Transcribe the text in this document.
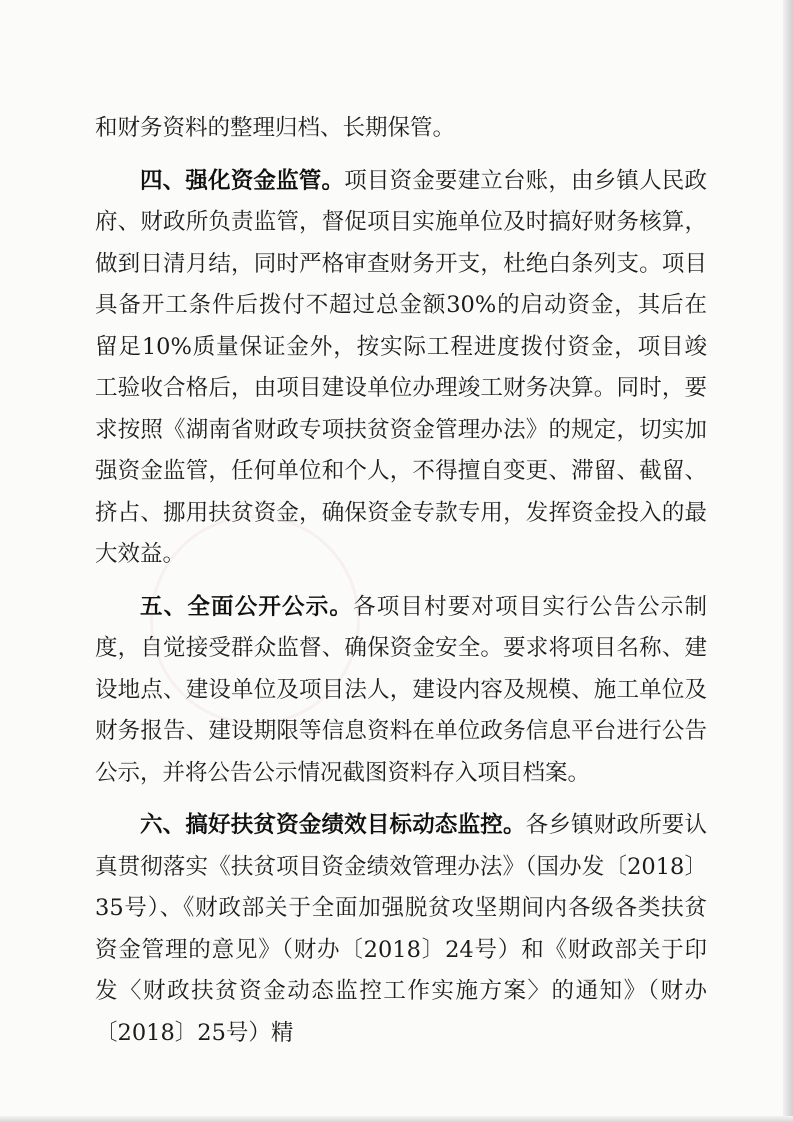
和财务资料的整理归档、长期保管。

四、强化资金监管。项目资金要建立台账，由乡镇人民政府、财政所负责监管，督促项目实施单位及时搞好财务核算，做到日清月结，同时严格审查财务开支，杜绝白条列支。项目具备开工条件后拨付不超过总金额30%的启动资金，其后在留足10%质量保证金外，按实际工程进度拨付资金，项目竣工验收合格后，由项目建设单位办理竣工财务决算。同时，要求按照《湖南省财政专项扶贫资金管理办法》的规定，切实加强资金监管，任何单位和个人，不得擅自变更、滞留、截留、挤占、挪用扶贫资金，确保资金专款专用，发挥资金投入的最大效益。

五、全面公开公示。各项目村要对项目实行公告公示制度，自觉接受群众监督、确保资金安全。要求将项目名称、建设地点、建设单位及项目法人，建设内容及规模、施工单位及财务报告、建设期限等信息资料在单位政务信息平台进行公告公示，并将公告公示情况截图资料存入项目档案。

六、搞好扶贫资金绩效目标动态监控。各乡镇财政所要认真贯彻落实《扶贫项目资金绩效管理办法》（国办发〔2018〕35号）、《财政部关于全面加强脱贫攻坚期间内各级各类扶贫资金管理的意见》（财办〔2018〕24号）和《财政部关于印发〈财政扶贫资金动态监控工作实施方案〉的通知》（财办〔2018〕25号）精
